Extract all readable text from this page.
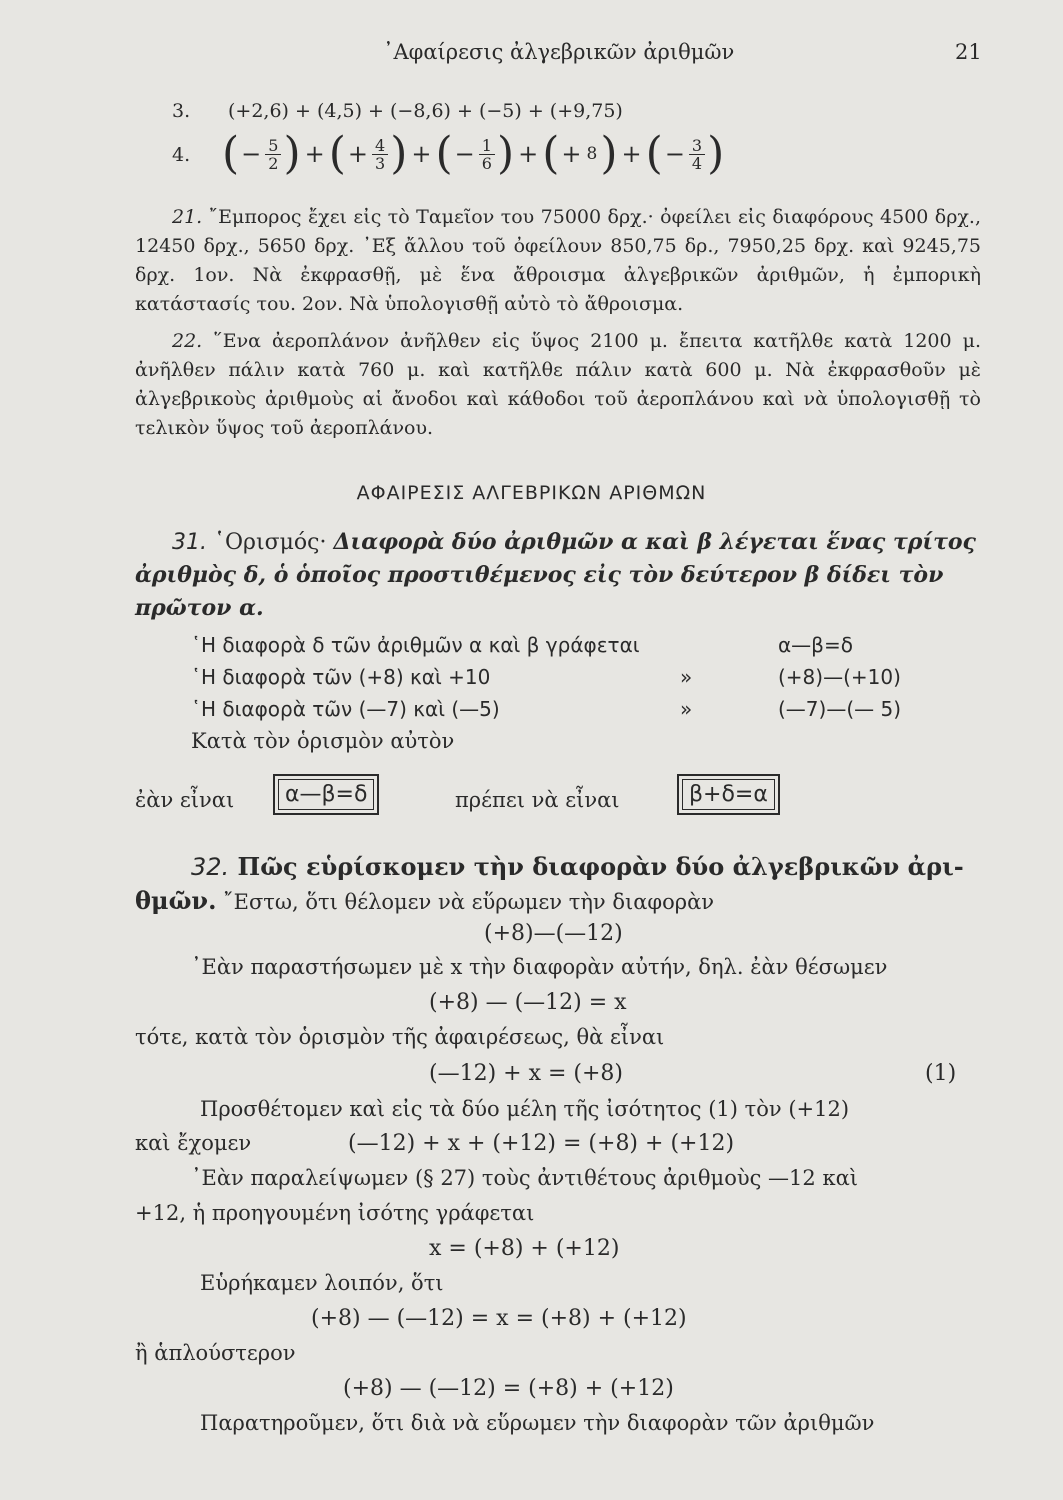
᾿Αφαίρεσις ἀλγεβρικῶν ἀριθμῶν	21
3. (+2,6) + (4,5) + (−8,6) + (−5) + (+9,75)
4. ( − $\frac{5}{2}$ ) + ( + $\frac{4}{3}$ ) + ( − $\frac{1}{6}$ ) + ( + 8 ) + ( − $\frac{3}{4}$ )
21. ῎Εμπορος ἔχει εἰς τὸ Ταμεῖον του 75000 δρχ.· ὀφείλει εἰς διαφόρους 4500 δρχ., 12450 δρχ., 5650 δρχ. ᾿Εξ ἄλλου τοῦ ὀφείλουν 850,75 δρ., 7950,25 δρχ. καὶ 9245,75 δρχ. 1ον. Νὰ ἐκφρασθῇ, μὲ ἕνα ἄθροισμα ἀλγεβρικῶν ἀριθμῶν, ἡ ἐμπορικὴ κατάστασίς του. 2ον. Νὰ ὑπολογισθῇ αὐτὸ τὸ ἄθροισμα.
22. ῞Ενα ἀεροπλάνον ἀνῆλθεν εἰς ὕψος 2100 μ. ἔπειτα κατῆλθε κατὰ 1200 μ. ἀνῆλθεν πάλιν κατὰ 760 μ. καὶ κατῆλθε πάλιν κατὰ 600 μ. Νὰ ἐκφρασθοῦν μὲ ἀλγεβρικοὺς ἀριθμοὺς αἱ ἄνοδοι καὶ κάθοδοι τοῦ ἀεροπλάνου καὶ νὰ ὑπολογισθῇ τὸ τελικὸν ὕψος τοῦ ἀεροπλάνου.
ΑΦΑΙΡΕΣΙΣ ΑΛΓΕΒΡΙΚΩΝ ΑΡΙΘΜΩΝ
31. ῾Ορισμός· Διαφορὰ δύο ἀριθμῶν α καὶ β λέγεται ἕνας τρίτος ἀριθμὸς δ, ὁ ὁποῖος προστιθέμενος εἰς τὸν δεύτερον β δίδει τὸν πρῶτον α.
῾Η διαφορὰ δ τῶν ἀριθμῶν α καὶ β γράφεται	α—β=δ
῾Η διαφορὰ τῶν (+8) καὶ +10	»	(+8)—(+10)
῾Η διαφορὰ τῶν (—7) καὶ (—5)	»	(—7)—(— 5)
Κατὰ τὸν ὁρισμὸν αὐτὸν
ἐὰν εἶναι	α—β=δ	πρέπει νὰ εἶναι	β+δ=α
32. Πῶς εὑρίσκομεν τὴν διαφορὰν δύο ἀλγεβρικῶν ἀρι-
θμῶν. ῎Εστω, ὅτι θέλομεν νὰ εὕρωμεν τὴν διαφορὰν
(+8)—(—12)
᾿Εὰν παραστήσωμεν μὲ x τὴν διαφορὰν αὐτήν, δηλ. ἐὰν θέσωμεν
(+8) — (—12) = x
τότε, κατὰ τὸν ὁρισμὸν τῆς ἀφαιρέσεως, θὰ εἶναι
(—12) + x = (+8)	(1)
Προσθέτομεν καὶ εἰς τὰ δύο μέλη τῆς ἰσότητος (1) τὸν (+12)
καὶ ἔχομεν	(—12) + x + (+12) = (+8) + (+12)
᾿Εὰν παραλείψωμεν (§ 27) τοὺς ἀντιθέτους ἀριθμοὺς —12 καὶ
+12, ἡ προηγουμένη ἰσότης γράφεται
x = (+8) + (+12)
Εὑρήκαμεν λοιπόν, ὅτι
(+8) — (—12) = x = (+8) + (+12)
ἢ ἁπλούστερον
(+8) — (—12) = (+8) + (+12)
Παρατηροῦμεν, ὅτι διὰ νὰ εὕρωμεν τὴν διαφορὰν τῶν ἀριθμῶν
